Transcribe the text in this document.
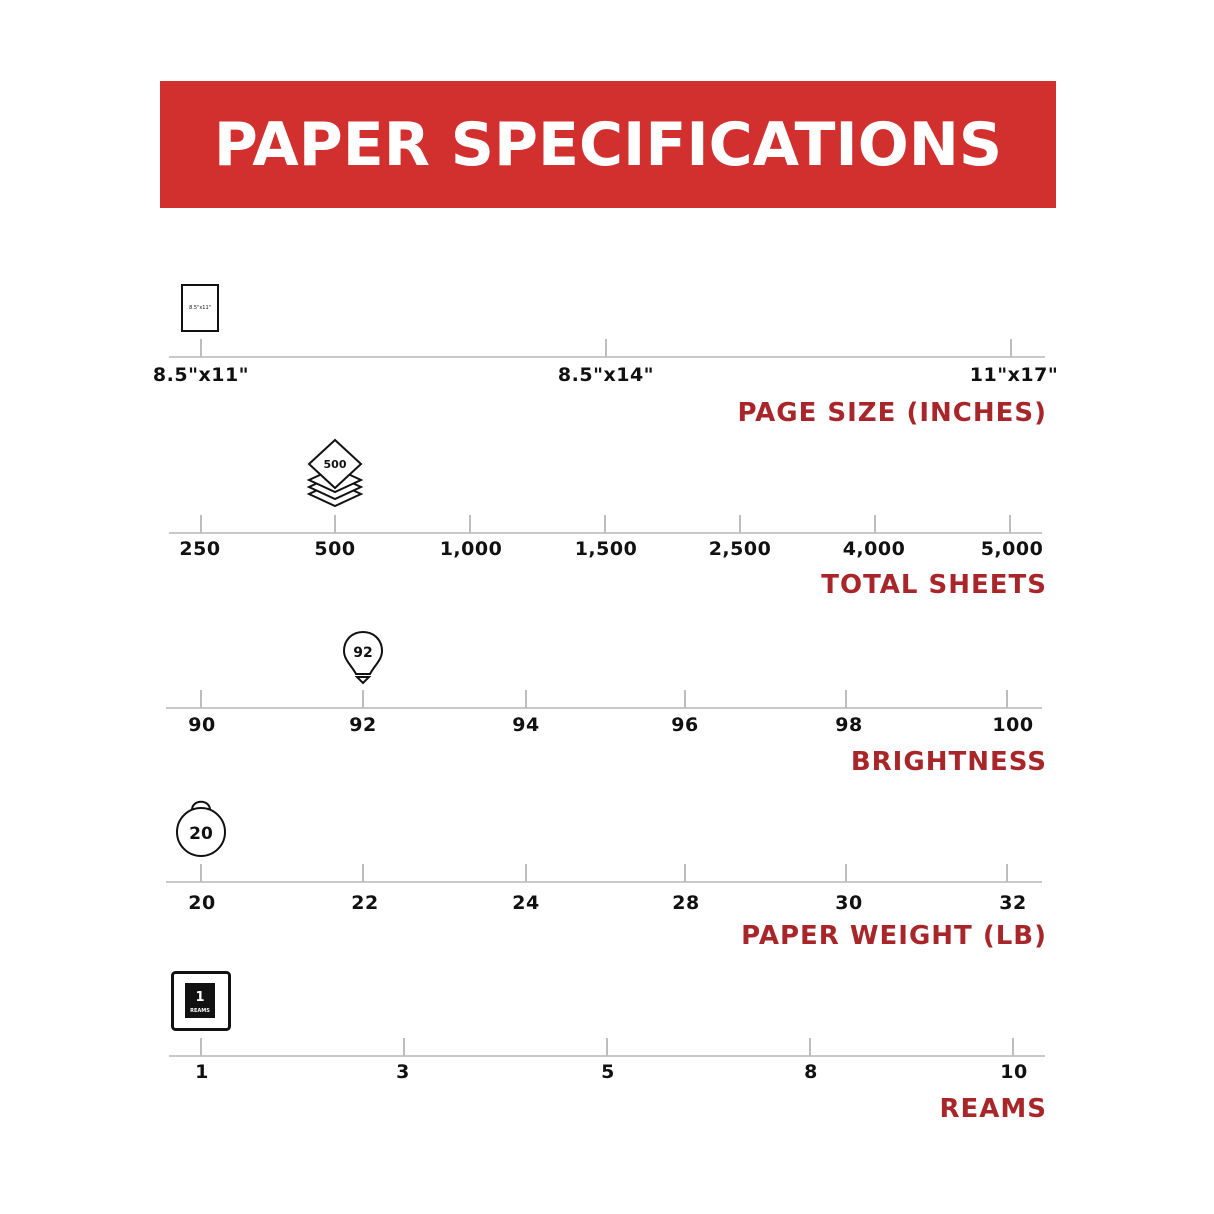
PAPER SPECIFICATIONS
8.5"x11"
8.5"x11"	8.5"x14"	11"x17"
PAGE SIZE (INCHES)
500
250	500	1,000	1,500	2,500	4,000	5,000
TOTAL SHEETS
92
90	92	94	96	98	100
BRIGHTNESS
20
20	22	24	28	30	32
PAPER WEIGHT (LB)
1
REAMS
1	3	5	8	10
REAMS
